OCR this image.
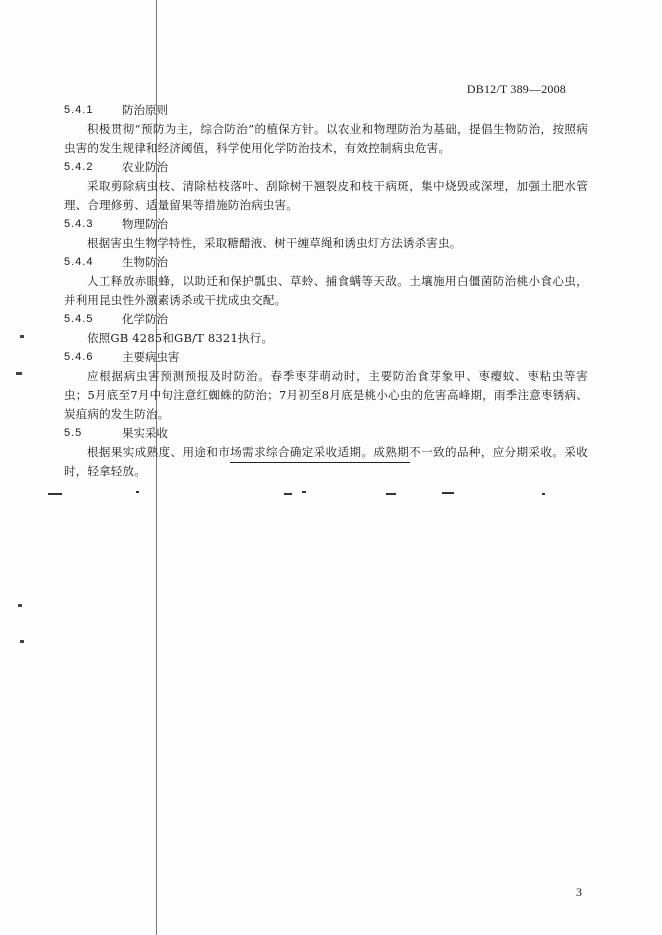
DB12/T 389—2008
5.4.1	防治原则
积极贯彻“预防为主，综合防治”的植保方针。以农业和物理防治为基础，提倡生物防治，按照病虫害的发生规律和经济阈值，科学使用化学防治技术，有效控制病虫危害。
5.4.2	农业防治
采取剪除病虫枝、清除枯枝落叶、刮除树干翘裂皮和枝干病斑，集中烧毁或深埋，加强土肥水管理、合理修剪、适量留果等措施防治病虫害。
5.4.3	物理防治
根据害虫生物学特性，采取糖醋液、树干缠草绳和诱虫灯方法诱杀害虫。
5.4.4	生物防治
人工释放赤眼蜂，以助迁和保护瓢虫、草蛉、捕食螨等天敌。土壤施用白僵菌防治桃小食心虫，并利用昆虫性外激素诱杀或干扰成虫交配。
5.4.5	化学防治
依照GB 4285和GB/T 8321执行。
5.4.6	主要病虫害
应根据病虫害预测预报及时防治。春季枣芽萌动时，主要防治食芽象甲、枣瘿蚊、枣粘虫等害虫；5月底至7月中旬注意红蜘蛛的防治；7月初至8月底是桃小心虫的危害高峰期，雨季注意枣锈病、炭疽病的发生防治。
5.5	果实采收
根据果实成熟度、用途和市场需求综合确定采收适期。成熟期不一致的品种，应分期采收。采收时，轻拿轻放。
3
